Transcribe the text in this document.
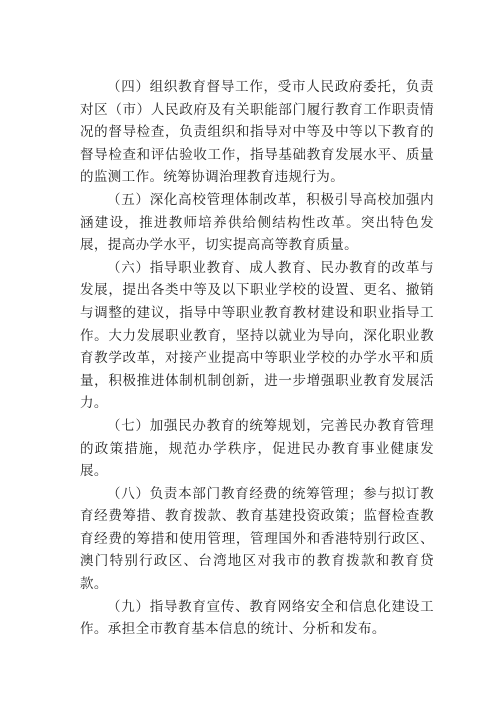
（四）组织教育督导工作，受市人民政府委托，负责对区（市）人民政府及有关职能部门履行教育工作职责情况的督导检查，负责组织和指导对中等及中等以下教育的督导检查和评估验收工作，指导基础教育发展水平、质量的监测工作。统筹协调治理教育违规行为。

（五）深化高校管理体制改革，积极引导高校加强内涵建设，推进教师培养供给侧结构性改革。突出特色发展，提高办学水平，切实提高高等教育质量。

（六）指导职业教育、成人教育、民办教育的改革与发展，提出各类中等及以下职业学校的设置、更名、撤销与调整的建议，指导中等职业教育教材建设和职业指导工作。大力发展职业教育，坚持以就业为导向，深化职业教育教学改革，对接产业提高中等职业学校的办学水平和质量，积极推进体制机制创新，进一步增强职业教育发展活力。

（七）加强民办教育的统筹规划，完善民办教育管理的政策措施，规范办学秩序，促进民办教育事业健康发展。

（八）负责本部门教育经费的统筹管理；参与拟订教育经费筹措、教育拨款、教育基建投资政策；监督检查教育经费的筹措和使用管理，管理国外和香港特别行政区、澳门特别行政区、台湾地区对我市的教育拨款和教育贷款。

（九）指导教育宣传、教育网络安全和信息化建设工作。承担全市教育基本信息的统计、分析和发布。
